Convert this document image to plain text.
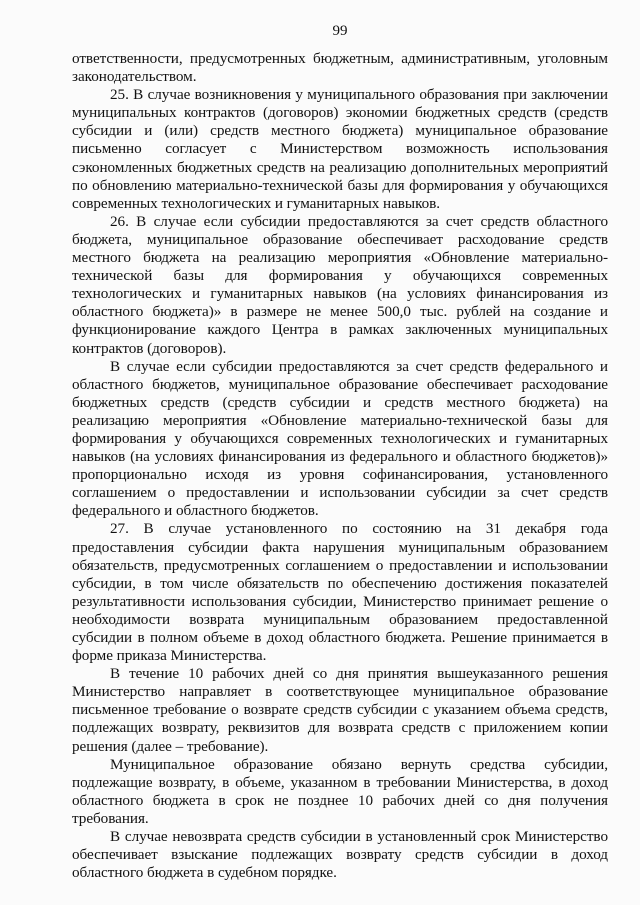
99

ответственности, предусмотренных бюджетным, административным, уголовным законодательством.

25. В случае возникновения у муниципального образования при заключении муниципальных контрактов (договоров) экономии бюджетных средств (средств субсидии и (или) средств местного бюджета) муниципальное образование письменно согласует с Министерством возможность использования сэкономленных бюджетных средств на реализацию дополнительных мероприятий по обновлению материально-технической базы для формирования у обучающихся современных технологических и гуманитарных навыков.

26. В случае если субсидии предоставляются за счет средств областного бюджета, муниципальное образование обеспечивает расходование средств местного бюджета на реализацию мероприятия «Обновление материально-технической базы для формирования у обучающихся современных технологических и гуманитарных навыков (на условиях финансирования из областного бюджета)» в размере не менее 500,0 тыс. рублей на создание и функционирование каждого Центра в рамках заключенных муниципальных контрактов (договоров).

В случае если субсидии предоставляются за счет средств федерального и областного бюджетов, муниципальное образование обеспечивает расходование бюджетных средств (средств субсидии и средств местного бюджета) на реализацию мероприятия «Обновление материально-технической базы для формирования у обучающихся современных технологических и гуманитарных навыков (на условиях финансирования из федерального и областного бюджетов)» пропорционально исходя из уровня софинансирования, установленного соглашением о предоставлении и использовании субсидии за счет средств федерального и областного бюджетов.

27. В случае установленного по состоянию на 31 декабря года предоставления субсидии факта нарушения муниципальным образованием обязательств, предусмотренных соглашением о предоставлении и использовании субсидии, в том числе обязательств по обеспечению достижения показателей результативности использования субсидии, Министерство принимает решение о необходимости возврата муниципальным образованием предоставленной субсидии в полном объеме в доход областного бюджета. Решение принимается в форме приказа Министерства.

В течение 10 рабочих дней со дня принятия вышеуказанного решения Министерство направляет в соответствующее муниципальное образование письменное требование о возврате средств субсидии с указанием объема средств, подлежащих возврату, реквизитов для возврата средств с приложением копии решения (далее – требование).

Муниципальное образование обязано вернуть средства субсидии, подлежащие возврату, в объеме, указанном в требовании Министерства, в доход областного бюджета в срок не позднее 10 рабочих дней со дня получения требования.

В случае невозврата средств субсидии в установленный срок Министерство обеспечивает взыскание подлежащих возврату средств субсидии в доход областного бюджета в судебном порядке.
